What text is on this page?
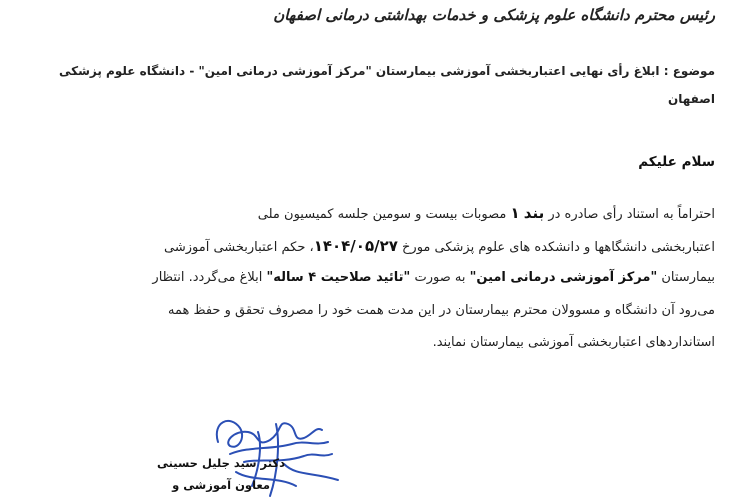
رئیس محترم دانشگاه علوم پزشکی و خدمات بهداشتی درمانی اصفهان
موضوع : ابلاغ رأی نهایی اعتباربخشی آموزشی بیمارستان "مرکز آموزشی درمانی امین" - دانشگاه علوم پزشکی
اصفهان
سلام علیکم
احتراماً به استناد رأی صادره در بند ۱ مصوبات بیست و سومین جلسه کمیسیون ملی
اعتباربخشی دانشگاهها و دانشکده های علوم پزشکی مورخ ۱۴۰۴/۰۵/۲۷، حکم اعتباربخشی آموزشی
بیمارستان "مرکز آموزشی درمانی امین" به صورت "تائید صلاحیت ۴ ساله" ابلاغ می‌گردد. انتظار
می‌رود آن دانشگاه و مسوولان محترم بیمارستان در این مدت همت خود را مصروف تحقق و حفظ همه
استانداردهای اعتباربخشی آموزشی بیمارستان نمایند.
دکتر سید جلیل حسینی
معاون آموزشی و
